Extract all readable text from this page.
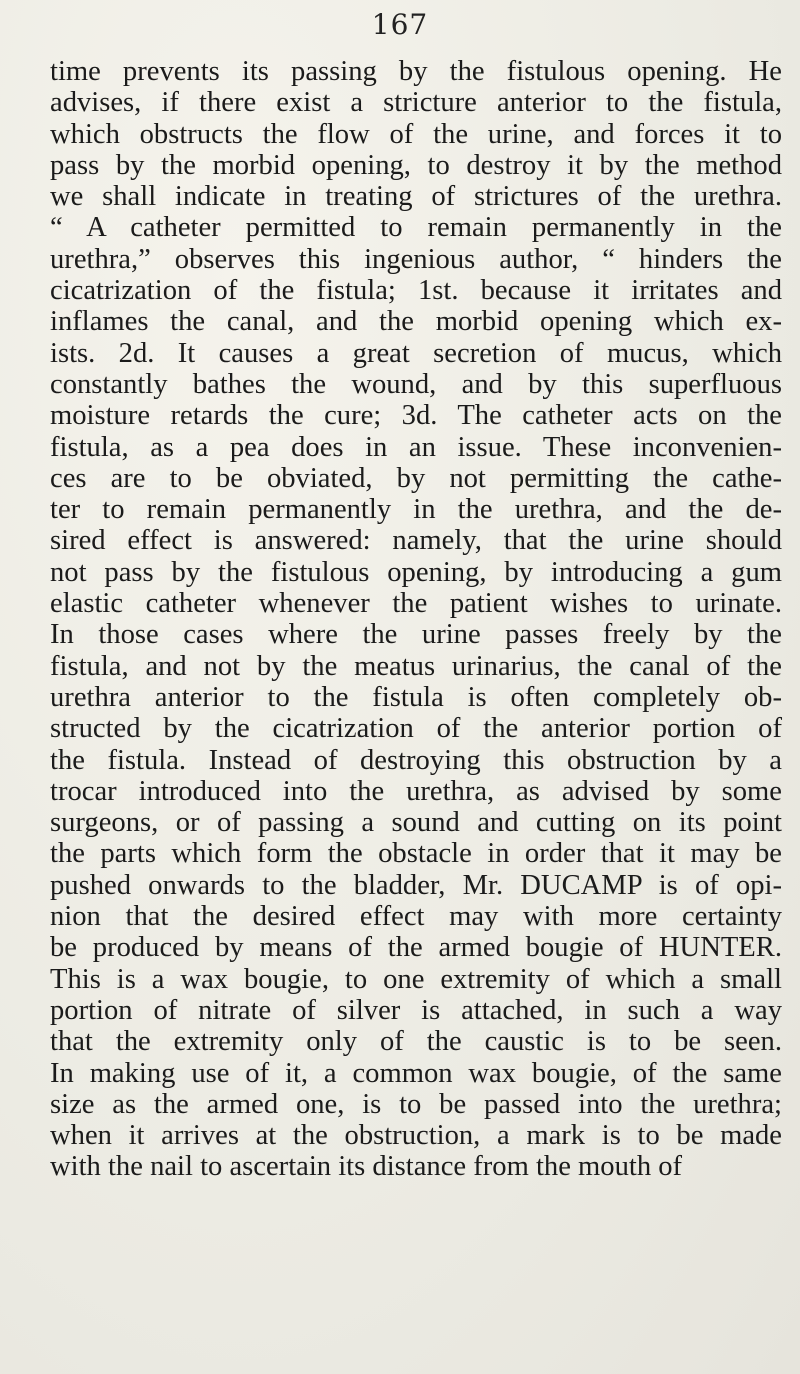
167
time prevents its passing by the fistulous opening. He
advises, if there exist a stricture anterior to the fistula,
which obstructs the flow of the urine, and forces it to
pass by the morbid opening, to destroy it by the method
we shall indicate in treating of strictures of the urethra.
“ A catheter permitted to remain permanently in the
urethra,” observes this ingenious author, “ hinders the
cicatrization of the fistula; 1st. because it irritates and
inflames the canal, and the morbid opening which ex-
ists. 2d. It causes a great secretion of mucus, which
constantly bathes the wound, and by this superfluous
moisture retards the cure; 3d. The catheter acts on the
fistula, as a pea does in an issue. These inconvenien-
ces are to be obviated, by not permitting the cathe-
ter to remain permanently in the urethra, and the de-
sired effect is answered: namely, that the urine should
not pass by the fistulous opening, by introducing a gum
elastic catheter whenever the patient wishes to urinate.
In those cases where the urine passes freely by the
fistula, and not by the meatus urinarius, the canal of the
urethra anterior to the fistula is often completely ob-
structed by the cicatrization of the anterior portion of
the fistula. Instead of destroying this obstruction by a
trocar introduced into the urethra, as advised by some
surgeons, or of passing a sound and cutting on its point
the parts which form the obstacle in order that it may be
pushed onwards to the bladder, Mr. DUCAMP is of opi-
nion that the desired effect may with more certainty
be produced by means of the armed bougie of HUNTER.
This is a wax bougie, to one extremity of which a small
portion of nitrate of silver is attached, in such a way
that the extremity only of the caustic is to be seen.
In making use of it, a common wax bougie, of the same
size as the armed one, is to be passed into the urethra;
when it arrives at the obstruction, a mark is to be made
with the nail to ascertain its distance from the mouth of
